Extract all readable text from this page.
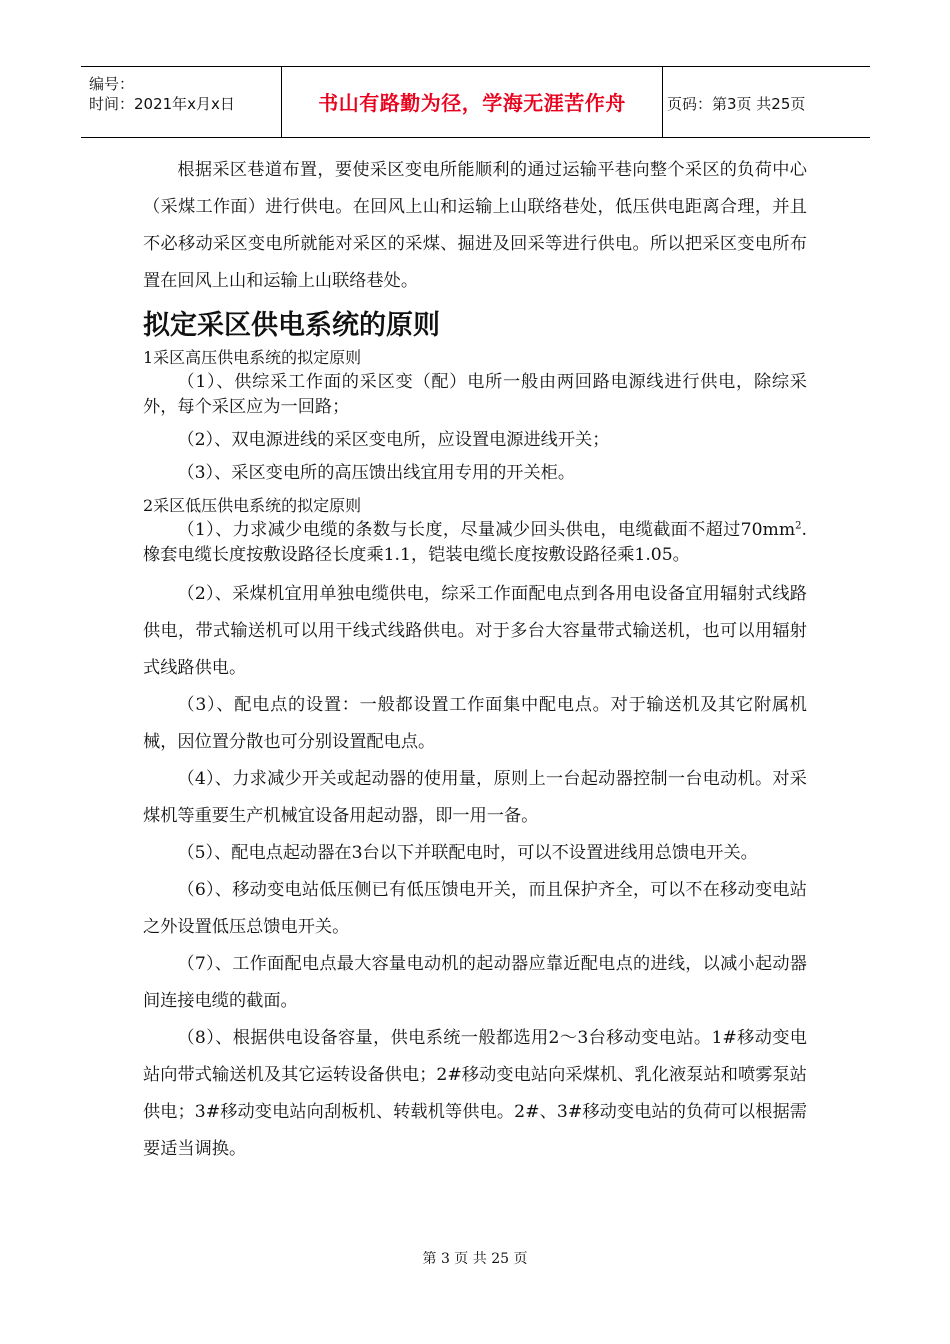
编号：
时间：2021年x月x日	书山有路勤为径，学海无涯苦作舟	页码：第3页 共25页

根据采区巷道布置，要使采区变电所能顺利的通过运输平巷向整个采区的负荷中心（采煤工作面）进行供电。在回风上山和运输上山联络巷处，低压供电距离合理，并且不必移动采区变电所就能对采区的采煤、掘进及回采等进行供电。所以把采区变电所布置在回风上山和运输上山联络巷处。

拟定采区供电系统的原则

1采区高压供电系统的拟定原则

（1）、供综采工作面的采区变（配）电所一般由两回路电源线进行供电，除综采外，每个采区应为一回路；

（2）、双电源进线的采区变电所，应设置电源进线开关；

（3）、采区变电所的高压馈出线宜用专用的开关柜。

2采区低压供电系统的拟定原则

（1）、力求减少电缆的条数与长度，尽量减少回头供电，电缆截面不超过$70mm^2$.橡套电缆长度按敷设路径长度乘1.1，铠装电缆长度按敷设路径乘1.05。

（2）、采煤机宜用单独电缆供电，综采工作面配电点到各用电设备宜用辐射式线路供电，带式输送机可以用干线式线路供电。对于多台大容量带式输送机，也可以用辐射式线路供电。

（3）、配电点的设置：一般都设置工作面集中配电点。对于输送机及其它附属机械，因位置分散也可分别设置配电点。

（4）、力求减少开关或起动器的使用量，原则上一台起动器控制一台电动机。对采煤机等重要生产机械宜设备用起动器，即一用一备。

（5）、配电点起动器在3台以下并联配电时，可以不设置进线用总馈电开关。

（6）、移动变电站低压侧已有低压馈电开关，而且保护齐全，可以不在移动变电站之外设置低压总馈电开关。

（7）、工作面配电点最大容量电动机的起动器应靠近配电点的进线，以减小起动器间连接电缆的截面。

（8）、根据供电设备容量，供电系统一般都选用2～3台移动变电站。1#移动变电站向带式输送机及其它运转设备供电；2#移动变电站向采煤机、乳化液泵站和喷雾泵站供电；3#移动变电站向刮板机、转载机等供电。2#、3#移动变电站的负荷可以根据需要适当调换。

第 3 页 共 25 页
